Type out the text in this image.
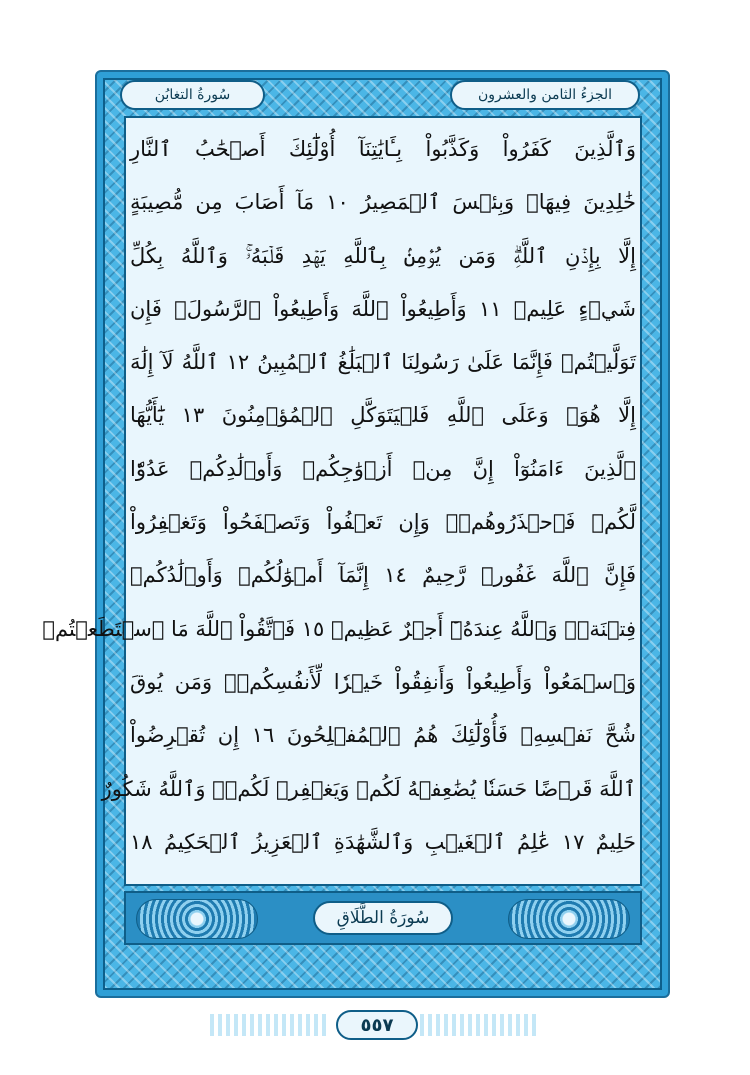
الجزءُ الثامن والعشرون
سُورةُ التغابُن
وَٱلَّذِينَ كَفَرُواْ وَكَذَّبُواْ بِـَٔايَٰتِنَآ أُوْلَٰٓئِكَ أَصۡحَٰبُ ٱلنَّارِ
خَٰلِدِينَ فِيهَاۖ وَبِئۡسَ ٱلۡمَصِيرُ ١٠ مَآ أَصَابَ مِن مُّصِيبَةٍ
إِلَّا بِإِذۡنِ ٱللَّهِۗ وَمَن يُؤۡمِنۢ بِٱللَّهِ يَهۡدِ قَلۡبَهُۥۚ وَٱللَّهُ بِكُلِّ
شَيۡءٍ عَلِيمٞ ١١ وَأَطِيعُواْ ٱللَّهَ وَأَطِيعُواْ ٱلرَّسُولَۚ فَإِن
تَوَلَّيۡتُمۡ فَإِنَّمَا عَلَىٰ رَسُولِنَا ٱلۡبَلَٰغُ ٱلۡمُبِينُ ١٢ ٱللَّهُ لَآ إِلَٰهَ
إِلَّا هُوَۚ وَعَلَى ٱللَّهِ فَلۡيَتَوَكَّلِ ٱلۡمُؤۡمِنُونَ ١٣ يَٰٓأَيُّهَا
ٱلَّذِينَ ءَامَنُوٓاْ إِنَّ مِنۡ أَزۡوَٰجِكُمۡ وَأَوۡلَٰدِكُمۡ عَدُوّٗا
لَّكُمۡ فَٱحۡذَرُوهُمۡۚ وَإِن تَعۡفُواْ وَتَصۡفَحُواْ وَتَغۡفِرُواْ
فَإِنَّ ٱللَّهَ غَفُورٞ رَّحِيمٌ ١٤ إِنَّمَآ أَمۡوَٰلُكُمۡ وَأَوۡلَٰدُكُمۡ
فِتۡنَةٞۚ وَٱللَّهُ عِندَهُۥٓ أَجۡرٌ عَظِيمٞ ١٥ فَٱتَّقُواْ ٱللَّهَ مَا ٱسۡتَطَعۡتُمۡ
وَٱسۡمَعُواْ وَأَطِيعُواْ وَأَنفِقُواْ خَيۡرٗا لِّأَنفُسِكُمۡۗ وَمَن يُوقَ
شُحَّ نَفۡسِهِۦ فَأُوْلَٰٓئِكَ هُمُ ٱلۡمُفۡلِحُونَ ١٦ إِن تُقۡرِضُواْ
ٱللَّهَ قَرۡضًا حَسَنٗا يُضَٰعِفۡهُ لَكُمۡ وَيَغۡفِرۡ لَكُمۡۚ وَٱللَّهُ شَكُورٌ
حَلِيمٌ ١٧ عَٰلِمُ ٱلۡغَيۡبِ وَٱلشَّهَٰدَةِ ٱلۡعَزِيزُ ٱلۡحَكِيمُ ١٨
سُورَةُ الطَّلَاقِ
٥٥٧
